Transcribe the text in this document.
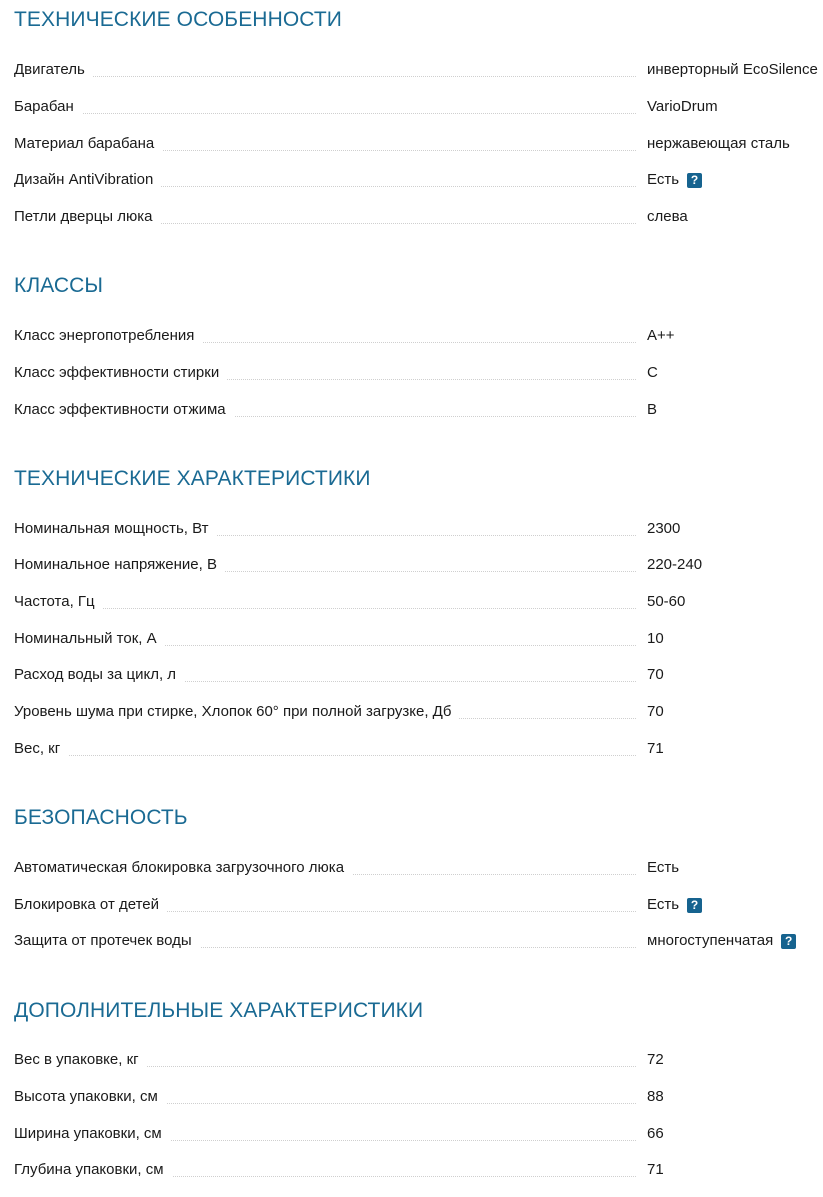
ТЕХНИЧЕСКИЕ ОСОБЕННОСТИ
Двигатель	инверторный EcoSilence
Барабан	VarioDrum
Материал барабана	нержавеющая сталь
Дизайн AntiVibration	Есть ?
Петли дверцы люка	слева
КЛАССЫ
Класс энергопотребления	A++
Класс эффективности стирки	C
Класс эффективности отжима	B
ТЕХНИЧЕСКИЕ ХАРАКТЕРИСТИКИ
Номинальная мощность, Вт	2300
Номинальное напряжение, В	220-240
Частота, Гц	50-60
Номинальный ток, А	10
Расход воды за цикл, л	70
Уровень шума при стирке, Хлопок 60° при полной загрузке, Дб	70
Вес, кг	71
БЕЗОПАСНОСТЬ
Автоматическая блокировка загрузочного люка	Есть
Блокировка от детей	Есть ?
Защита от протечек воды	многоступенчатая ?
ДОПОЛНИТЕЛЬНЫЕ ХАРАКТЕРИСТИКИ
Вес в упаковке, кг	72
Высота упаковки, см	88
Ширина упаковки, см	66
Глубина упаковки, см	71
